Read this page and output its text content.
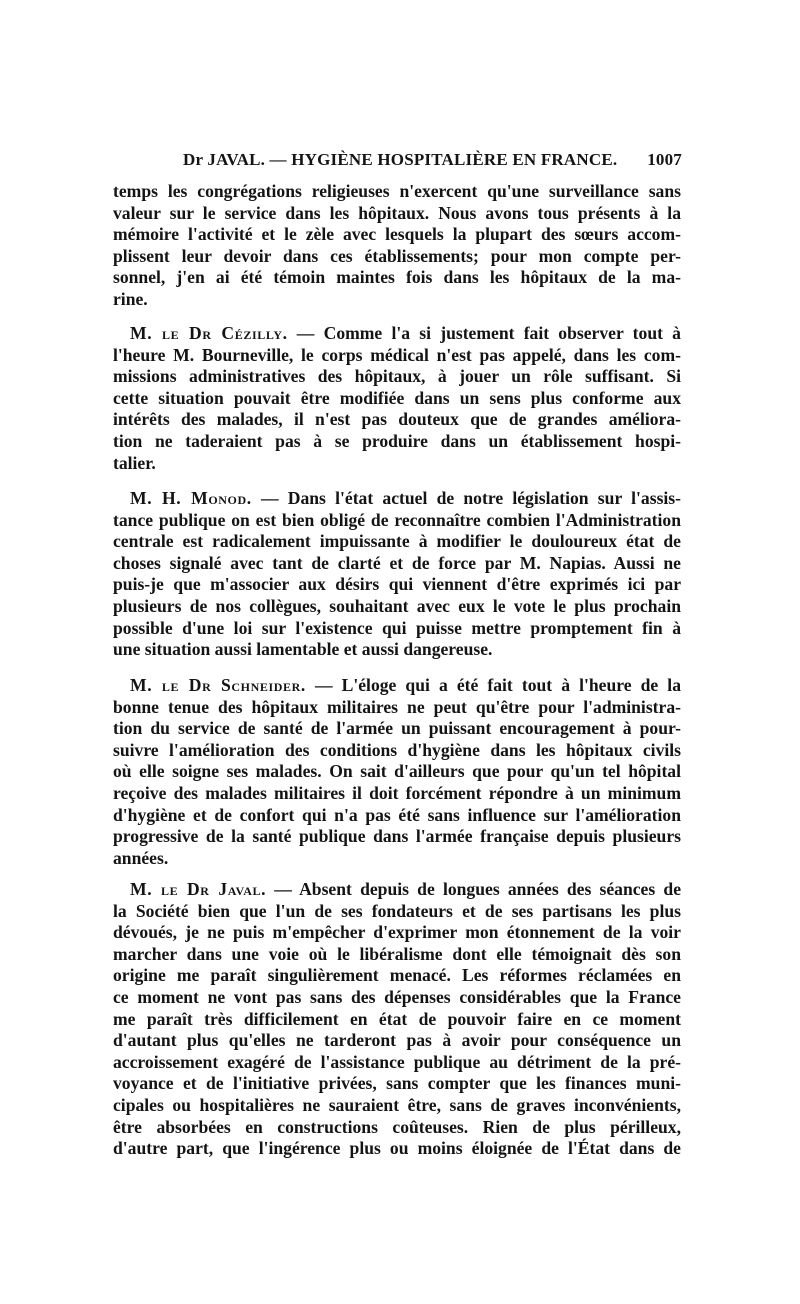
Dr JAVAL. — HYGIÈNE HOSPITALIÈRE EN FRANCE. 1007

temps les congrégations religieuses n'exercent qu'une surveillance sans
valeur sur le service dans les hôpitaux. Nous avons tous présents à la
mémoire l'activité et le zèle avec lesquels la plupart des sœurs accom-
plissent leur devoir dans ces établissements; pour mon compte per-
sonnel, j'en ai été témoin maintes fois dans les hôpitaux de la ma-
rine.

M. le Dr Cézilly. — Comme l'a si justement fait observer tout à
l'heure M. Bourneville, le corps médical n'est pas appelé, dans les com-
missions administratives des hôpitaux, à jouer un rôle suffisant. Si
cette situation pouvait être modifiée dans un sens plus conforme aux
intérêts des malades, il n'est pas douteux que de grandes améliora-
tion ne taderaient pas à se produire dans un établissement hospi-
talier.

M. H. Monod. — Dans l'état actuel de notre législation sur l'assis-
tance publique on est bien obligé de reconnaître combien l'Administration
centrale est radicalement impuissante à modifier le douloureux état de
choses signalé avec tant de clarté et de force par M. Napias. Aussi ne
puis-je que m'associer aux désirs qui viennent d'être exprimés ici par
plusieurs de nos collègues, souhaitant avec eux le vote le plus prochain
possible d'une loi sur l'existence qui puisse mettre promptement fin à
une situation aussi lamentable et aussi dangereuse.

M. le Dr Schneider. — L'éloge qui a été fait tout à l'heure de la
bonne tenue des hôpitaux militaires ne peut qu'être pour l'administra-
tion du service de santé de l'armée un puissant encouragement à pour-
suivre l'amélioration des conditions d'hygiène dans les hôpitaux civils
où elle soigne ses malades. On sait d'ailleurs que pour qu'un tel hôpital
reçoive des malades militaires il doit forcément répondre à un minimum
d'hygiène et de confort qui n'a pas été sans influence sur l'amélioration
progressive de la santé publique dans l'armée française depuis plusieurs
années.

M. le Dr Javal. — Absent depuis de longues années des séances de
la Société bien que l'un de ses fondateurs et de ses partisans les plus
dévoués, je ne puis m'empêcher d'exprimer mon étonnement de la voir
marcher dans une voie où le libéralisme dont elle témoignait dès son
origine me paraît singulièrement menacé. Les réformes réclamées en
ce moment ne vont pas sans des dépenses considérables que la France
me paraît très difficilement en état de pouvoir faire en ce moment
d'autant plus qu'elles ne tarderont pas à avoir pour conséquence un
accroissement exagéré de l'assistance publique au détriment de la pré-
voyance et de l'initiative privées, sans compter que les finances muni-
cipales ou hospitalières ne sauraient être, sans de graves inconvénients,
être absorbées en constructions coûteuses. Rien de plus périlleux,
d'autre part, que l'ingérence plus ou moins éloignée de l'État dans de
